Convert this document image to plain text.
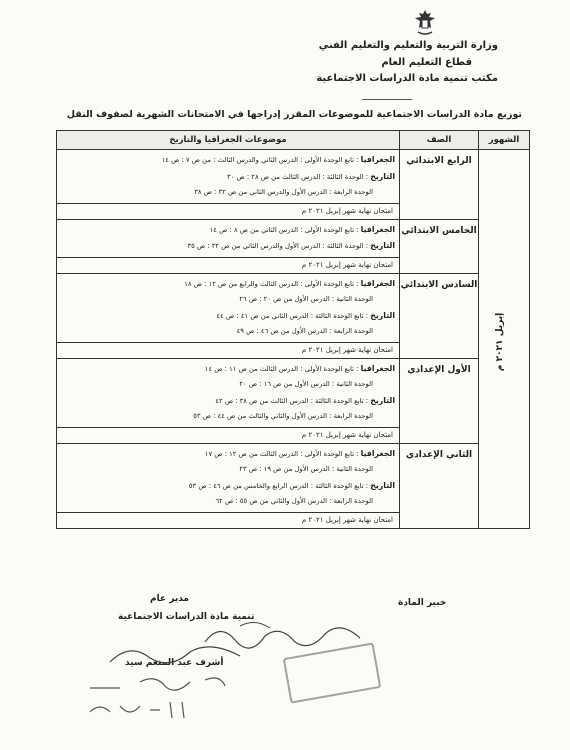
وزارة التربية والتعليم والتعليم الفني
قطاع التعليم العام
مكتب تنمية مادة الدراسات الاجتماعية
توزيع مادة الدراسات الاجتماعية للموضوعات المقرر إدراجها في الامتحانات الشهرية لصفوف النقل
الشهور	الصف	موضوعات الجغرافيا والتاريخ
إبريل ٢٠٢١ م	الرابع الابتدائي	الجغرافيا : تابع الوحدة الأولى : الدرس الثاني والدرس الثالث : من ص ٧ : ص ١٤
التاريخ : الوحدة الثالثة : الدرس الثالث من ص ٢٨ : ص ٣٠
الوحدة الرابعة : الدرس الأول والدرس الثاني من ص ٣٢ : ص ٣٨

		امتحان نهاية شهر إبريل ٢٠٢١ م
	الخامس الابتدائي	الجغرافيا : تابع الوحدة الأولى : الدرس الثاني من ص ٨ : ص ١٤
التاريخ : الوحدة الثالثة : الدرس الأول والدرس الثاني من ص ٣٢ : ص ٣٥

		امتحان نهاية شهر إبريل ٢٠٢١ م
	السادس الابتدائي	الجغرافيا : تابع الوحدة الأولى : الدرس الثالث والرابع من ص ١٢ : ص ١٨
الوحدة الثانية : الدرس الأول من ص ٢٠ : ص ٢٦
التاريخ : تابع الوحدة الثالثة : الدرس الثاني من ص ٤١ : ص ٤٤
الوحدة الرابعة : الدرس الأول من ص ٤٦ : ص ٤٩

		امتحان نهاية شهر إبريل ٢٠٢١ م
	الأول الإعدادي	الجغرافيا : تابع الوحدة الأولى : الدرس الثالث من ص ١١ : ص ١٤
الوحدة الثانية : الدرس الأول من ص ١٦ : ص ٢٠
التاريخ : تابع الوحدة الثالثة : الدرس الثالث من ص ٣٨ : ص ٤٢
الوحدة الرابعة : الدرس الأول والثاني والثالث من ص ٤٤ : ص ٥٣

		امتحان نهاية شهر إبريل ٢٠٢١ م
	الثاني الإعدادي	الجغرافيا : تابع الوحدة الأولى : الدرس الثالث من ص ١٢ : ص ١٧
الوحدة الثانية : الدرس الأول من ص ١٩ : ص ٢٣
التاريخ : تابع الوحدة الثالثة : الدرس الرابع والخامس من ص ٤٦ : ص ٥٣
الوحدة الرابعة : الدرس الأول والثاني من ص ٥٥ : ص ٦٢

		امتحان نهاية شهر إبريل ٢٠٢١ م
خبير المادة
مدير عام
تنمية مادة الدراسات الاجتماعية
أشرف عبد المنعم سيد
